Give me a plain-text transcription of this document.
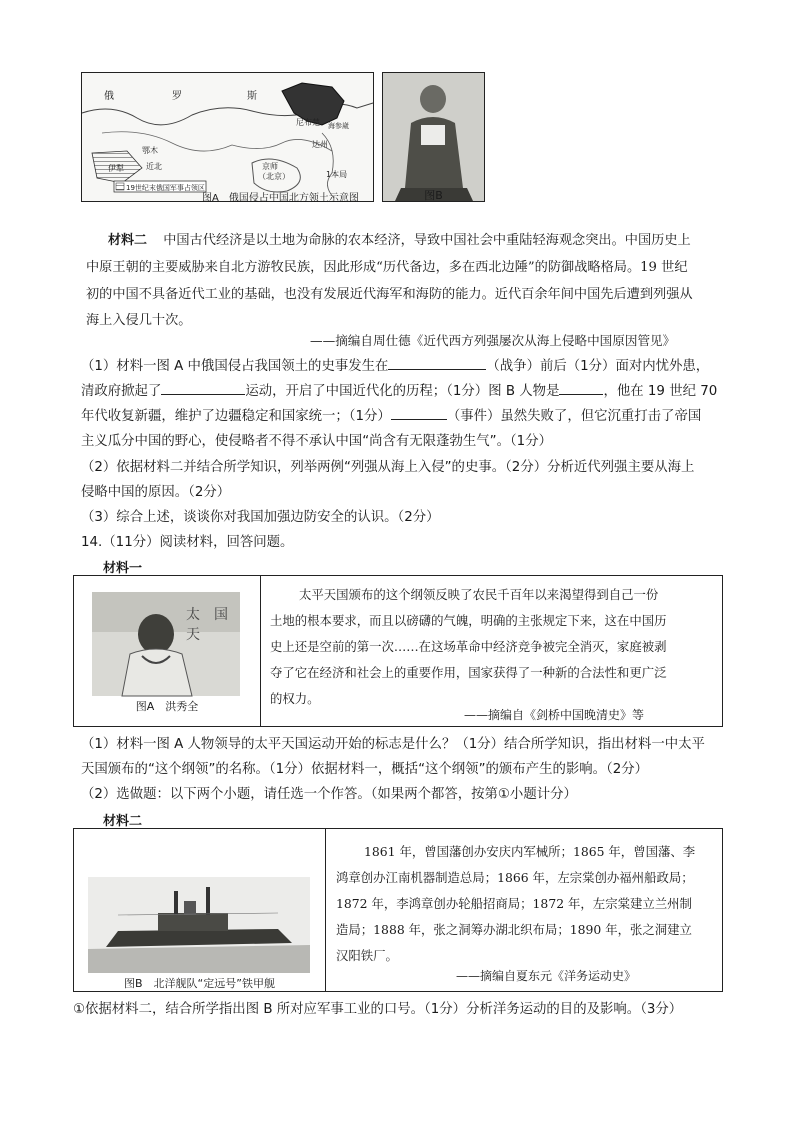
俄	罗	斯
尼布楚 海参崴
鄂木
伊犁	近北
达州
京师
（北京）	1本局
19世纪末俄国军事占领区
图A　俄国侵占中国北方领土示意图	图B
材料二 中国古代经济是以土地为命脉的农本经济，导致中国社会中重陆轻海观念突出。中国历史上
中原王朝的主要威胁来自北方游牧民族，因此形成“历代备边，多在西北边陲”的防御战略格局。19 世纪
初的中国不具备近代工业的基础，也没有发展近代海军和海防的能力。近代百余年间中国先后遭到列强从
海上入侵几十次。
——摘编自周仕德《近代西方列强屡次从海上侵略中国原因管见》
（1）材料一图 A 中俄国侵占我国领土的史事发生在	（战争）前后（1分）面对内忧外患，
清政府掀起了	运动，开启了中国近代化的历程；（1分）图 B 人物是	，他在 19 世纪 70
年代收复新疆，维护了边疆稳定和国家统一；（1分）	（事件）虽然失败了，但它沉重打击了帝国
主义瓜分中国的野心，使侵略者不得不承认中国“尚含有无限蓬勃生气”。（1分）
（2）依据材料二并结合所学知识，列举两例“列强从海上入侵”的史事。（2分）分析近代列强主要从海上
侵略中国的原因。（2分）
（3）综合上述，谈谈你对我国加强边防安全的认识。（2分）
14.（11分）阅读材料，回答问题。
材料一
太　国　天
图A　洪秀全
太平天国颁布的这个纲领反映了农民千百年以来渴望得到自己一份
土地的根本要求，而且以磅礴的气魄，明确的主张规定下来，这在中国历
史上还是空前的第一次……在这场革命中经济竞争被完全消灭，家庭被剥
夺了它在经济和社会上的重要作用，国家获得了一种新的合法性和更广泛
的权力。
——摘编自《剑桥中国晚清史》等
（1）材料一图 A 人物领导的太平天国运动开始的标志是什么？（1分）结合所学知识，指出材料一中太平
天国颁布的“这个纲领”的名称。（1分）依据材料一，概括“这个纲领”的颁布产生的影响。（2分）
（2）选做题：以下两个小题，请任选一个作答。（如果两个都答，按第①小题计分）
材料二
图B　北洋舰队“定远号”铁甲舰
1861 年，曾国藩创办安庆内军械所；1865 年，曾国藩、李
鸿章创办江南机器制造总局；1866 年，左宗棠创办福州船政局；
1872 年，李鸿章创办轮船招商局；1872 年，左宗棠建立兰州制
造局；1888 年，张之洞筹办湖北织布局；1890 年，张之洞建立
汉阳铁厂。
——摘编自夏东元《洋务运动史》
①依据材料二，结合所学指出图 B 所对应军事工业的口号。（1分）分析洋务运动的目的及影响。（3分）
